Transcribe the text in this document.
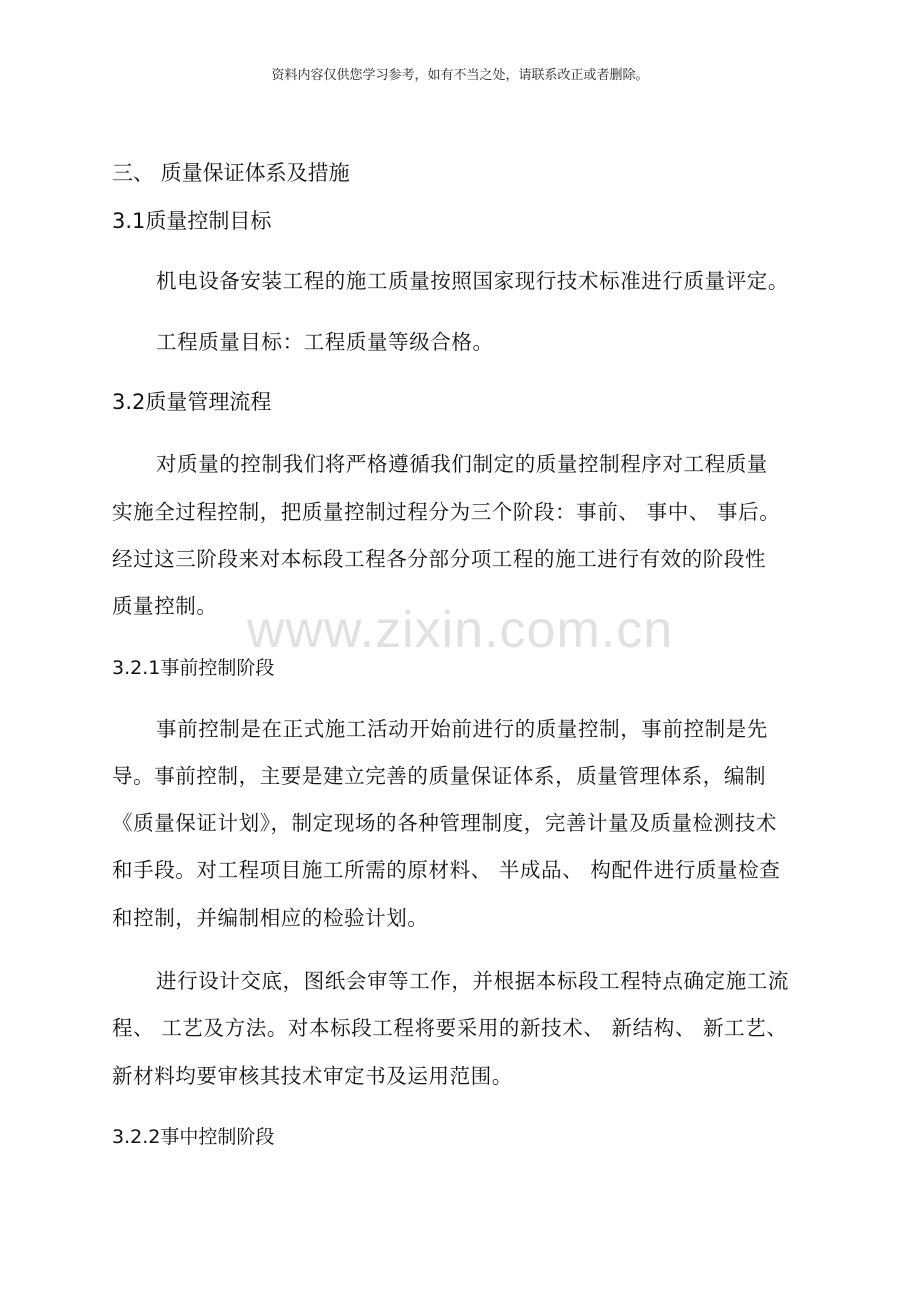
资料内容仅供您学习参考，如有不当之处，请联系改正或者删除。
www.zixin.com.cn
三、 质量保证体系及措施
3.1质量控制目标
机电设备安装工程的施工质量按照国家现行技术标准进行质量评定。
工程质量目标：工程质量等级合格。
3.2质量管理流程
对质量的控制我们将严格遵循我们制定的质量控制程序对工程质量
实施全过程控制，把质量控制过程分为三个阶段：事前、 事中、 事后。
经过这三阶段来对本标段工程各分部分项工程的施工进行有效的阶段性
质量控制。
3.2.1事前控制阶段
事前控制是在正式施工活动开始前进行的质量控制，事前控制是先
导。事前控制，主要是建立完善的质量保证体系，质量管理体系，编制
《质量保证计划》，制定现场的各种管理制度，完善计量及质量检测技术
和手段。对工程项目施工所需的原材料、 半成品、 构配件进行质量检查
和控制，并编制相应的检验计划。
进行设计交底，图纸会审等工作，并根据本标段工程特点确定施工流
程、 工艺及方法。对本标段工程将要采用的新技术、 新结构、 新工艺、
新材料均要审核其技术审定书及运用范围。
3.2.2事中控制阶段
